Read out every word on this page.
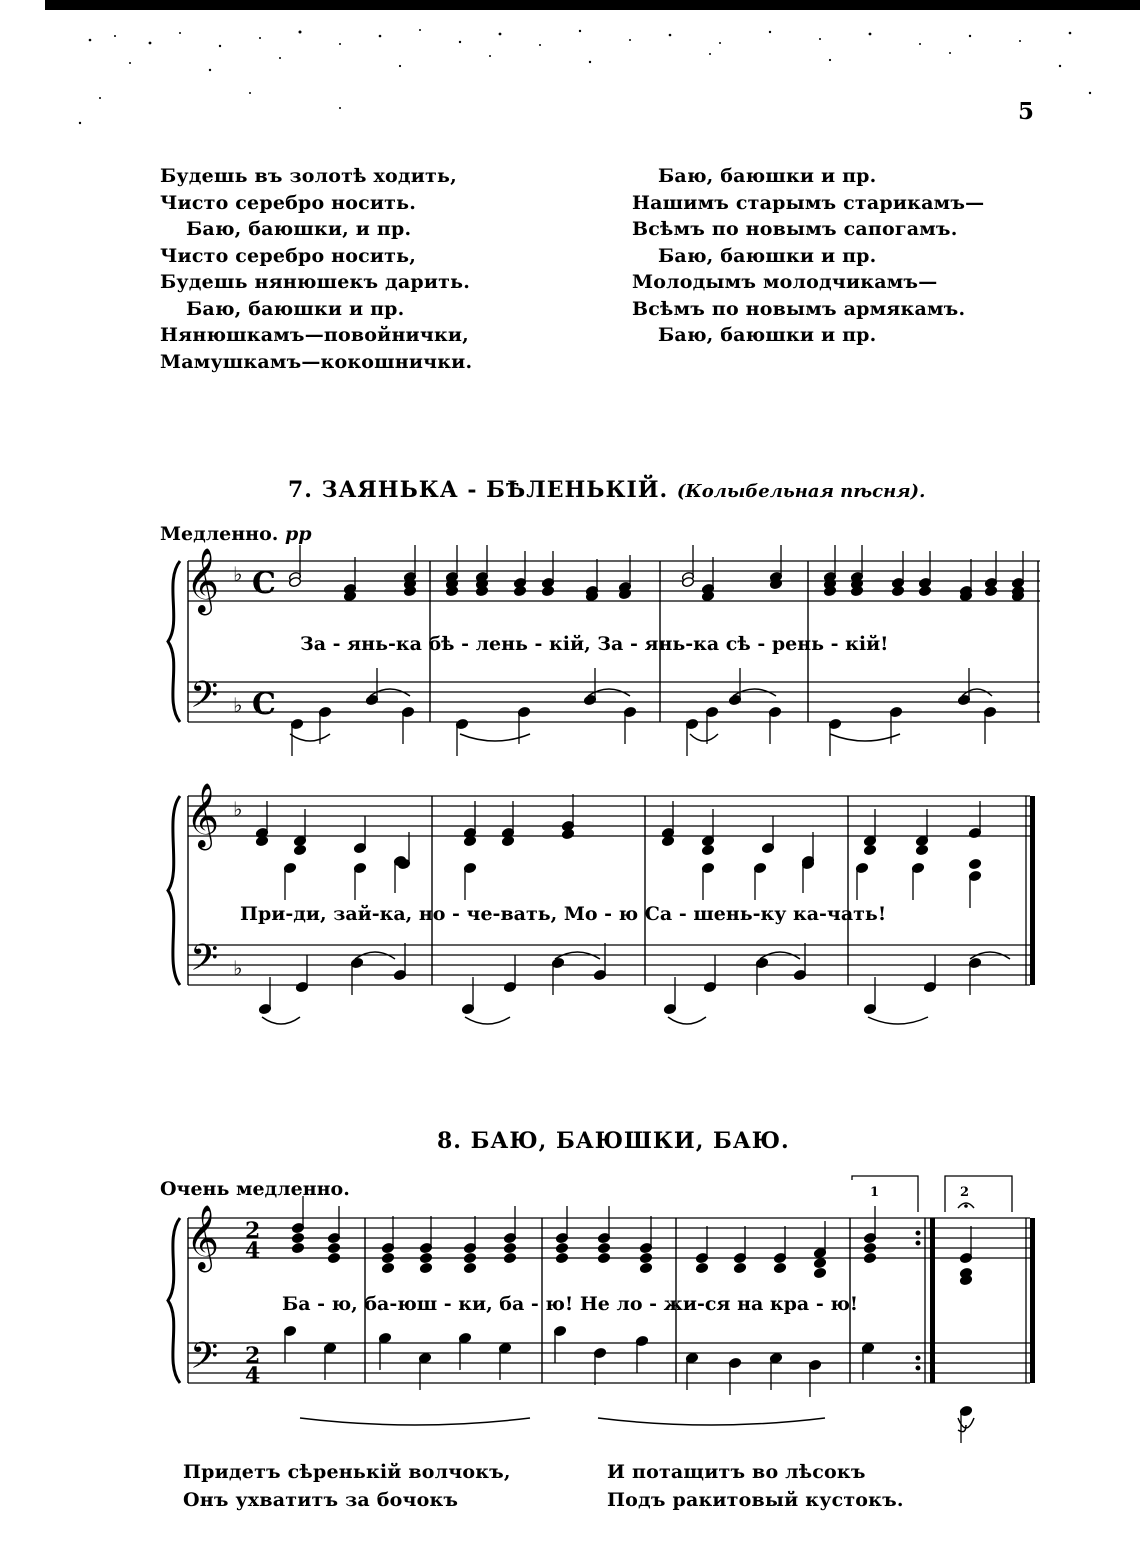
5
Будешь въ золотѣ ходить,
Чисто серебро носить.
Баю, баюшки, и пр.
Чисто серебро носить,
Будешь нянюшекъ дарить.
Баю, баюшки и пр.
Нянюшкамъ—повойнички,
Мамушкамъ—кокошнички.
Баю, баюшки и пр.
Нашимъ старымъ старикамъ—
Всѣмъ по новымъ сапогамъ.
Баю, баюшки и пр.
Молодымъ молодчикамъ—
Всѣмъ по новымъ армякамъ.
Баю, баюшки и пр.
7. ЗАЯНЬКА - БѢЛЕНЬКІЙ. (Колыбельная пѣсня).
Медленно. pp
За - янь-ка бѣ - лень - кій, За - янь-ка сѣ - рень - кій!
При-ди, зай-ка, но - че-вать, Мо - ю Са - шень-ку ка-чать!
8. БАЮ, БАЮШКИ, БАЮ.
Очень медленно.
Ба - ю, ба-юш - ки, ба - ю! Не ло - жи-ся на кра - ю!
Придетъ сѣренькій волчокъ,
Онъ ухватитъ за бочокъ
И потащитъ во лѣсокъ
Подъ ракитовый кустокъ.
𝄞 ♭ C
𝄢 ♭ C
𝄞 ♭
𝄢 ♭
𝄞 2
4
𝄢 2
4
1	2
